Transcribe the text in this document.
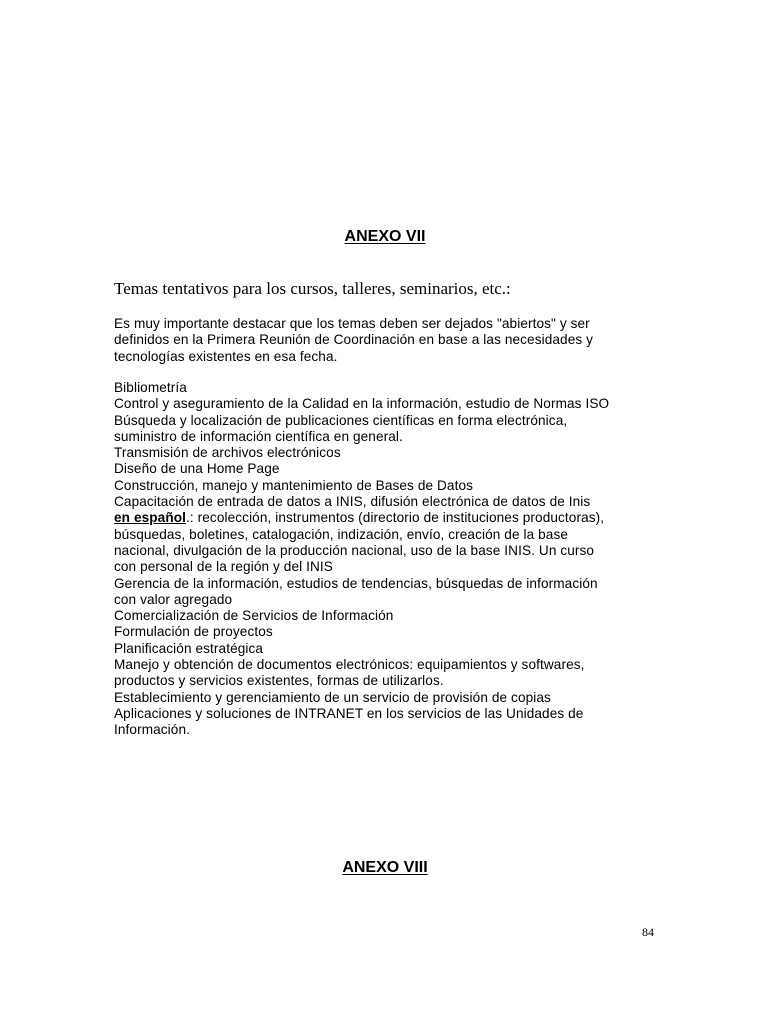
ANEXO VII
Temas tentativos para los cursos, talleres, seminarios, etc.:
Es muy importante destacar que los temas deben ser dejados "abiertos" y ser
definidos en la Primera Reunión de Coordinación en base a las necesidades y
tecnologías existentes en esa fecha.
Bibliometría
Control y aseguramiento de la Calidad en la información, estudio de Normas ISO
Búsqueda y localización de publicaciones científicas en forma electrónica,
suministro de información científica en general.
Transmisión de archivos electrónicos
Diseño de una Home Page
Construcción, manejo y mantenimiento de Bases de Datos
Capacitación de entrada de datos a INIS, difusión electrónica de datos de Inis
en español.: recolección, instrumentos (directorio de instituciones productoras),
búsquedas, boletines, catalogación, indización, envío, creación de la base
nacional, divulgación de la producción nacional, uso de la base INIS. Un curso
con personal de la región y del INIS
Gerencia de la información, estudios de tendencias, búsquedas de información
con valor agregado
Comercialización de Servicios de Información
Formulación de proyectos
Planificación estratégica
Manejo y obtención de documentos electrónicos: equipamientos y softwares,
productos y servicios existentes, formas de utilizarlos.
Establecimiento y gerenciamiento de un servicio de provisión de copias
Aplicaciones y soluciones de INTRANET en los servicios de las Unidades de
Información.
ANEXO VIII
84
